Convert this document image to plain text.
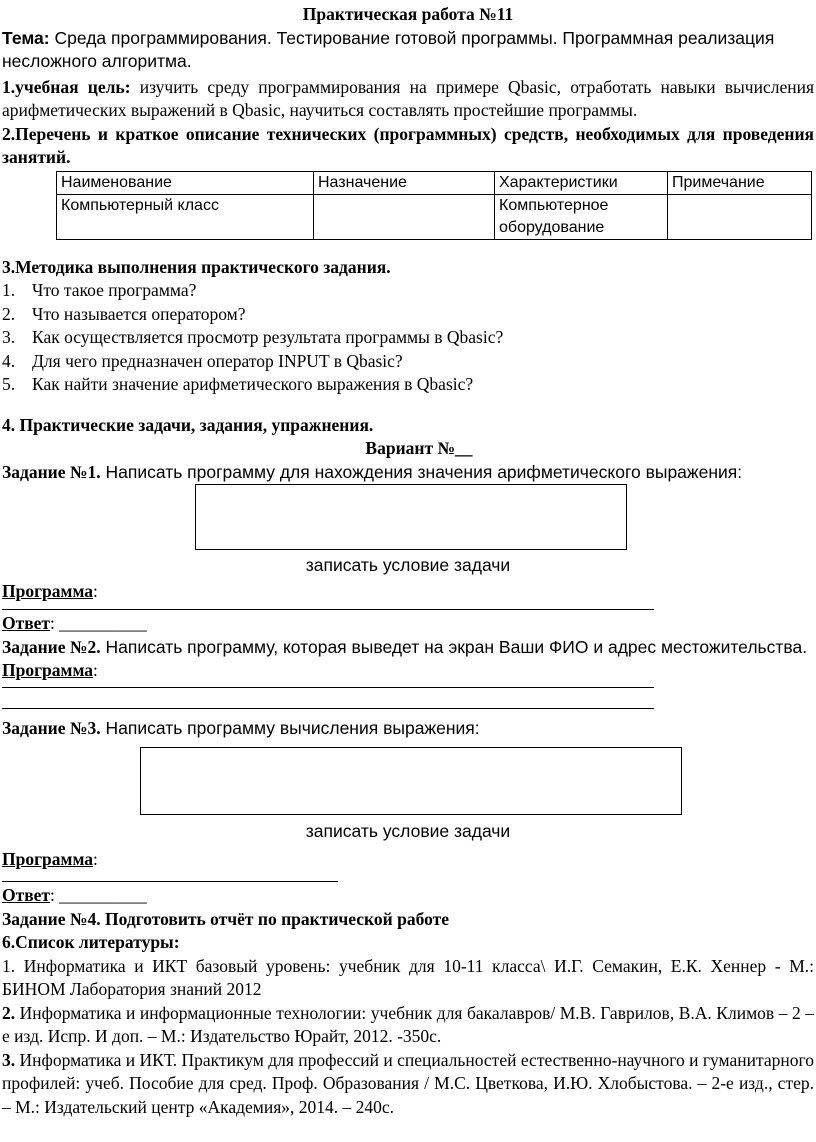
Практическая работа №11

Тема: Среда программирования. Тестирование готовой программы. Программная реализация несложного алгоритма.

1.учебная цель: изучить среду программирования на примере Qbasic, отработать навыки вычисления арифметических выражений в Qbasic, научиться составлять простейшие программы.

2.Перечень и краткое описание технических (программных) средств, необходимых для проведения занятий.

Наименование	Назначение	Характеристики	Примечание
Компьютерный класс		Компьютерное оборудование	

3.Методика выполнения практического задания.

1. Что такое программа?
2. Что называется оператором?
3. Как осуществляется просмотр результата программы в Qbasic?
4. Для чего предназначен оператор INPUT в Qbasic?
5. Как найти значение арифметического выражения в Qbasic?

4. Практические задачи, задания, упражнения.

Вариант №__

Задание №1. Написать программу для нахождения значения арифметического выражения:

записать условие задачи

Программа:

Ответ: __________

Задание №2. Написать программу, которая выведет на экран Ваши ФИО и адрес местожительства.

Программа:

Задание №3. Написать программу вычисления выражения:

записать условие задачи

Программа:

Ответ: __________

Задание №4. Подготовить отчёт по практической работе

6.Список литературы:

1. Информатика и ИКТ базовый уровень: учебник для 10-11 класса\ И.Г. Семакин, Е.К. Хеннер - М.: БИНОМ Лаборатория знаний 2012

2. Информатика и информационные технологии: учебник для бакалавров/ М.В. Гаврилов, В.А. Климов – 2 –е изд. Испр. И доп. – М.: Издательство Юрайт, 2012. -350с.

3. Информатика и ИКТ. Практикум для профессий и специальностей естественно-научного и гуманитарного профилей: учеб. Пособие для сред. Проф. Образования / М.С. Цветкова, И.Ю. Хлобыстова. – 2-е изд., стер. – М.: Издательский центр «Академия», 2014. – 240с.
